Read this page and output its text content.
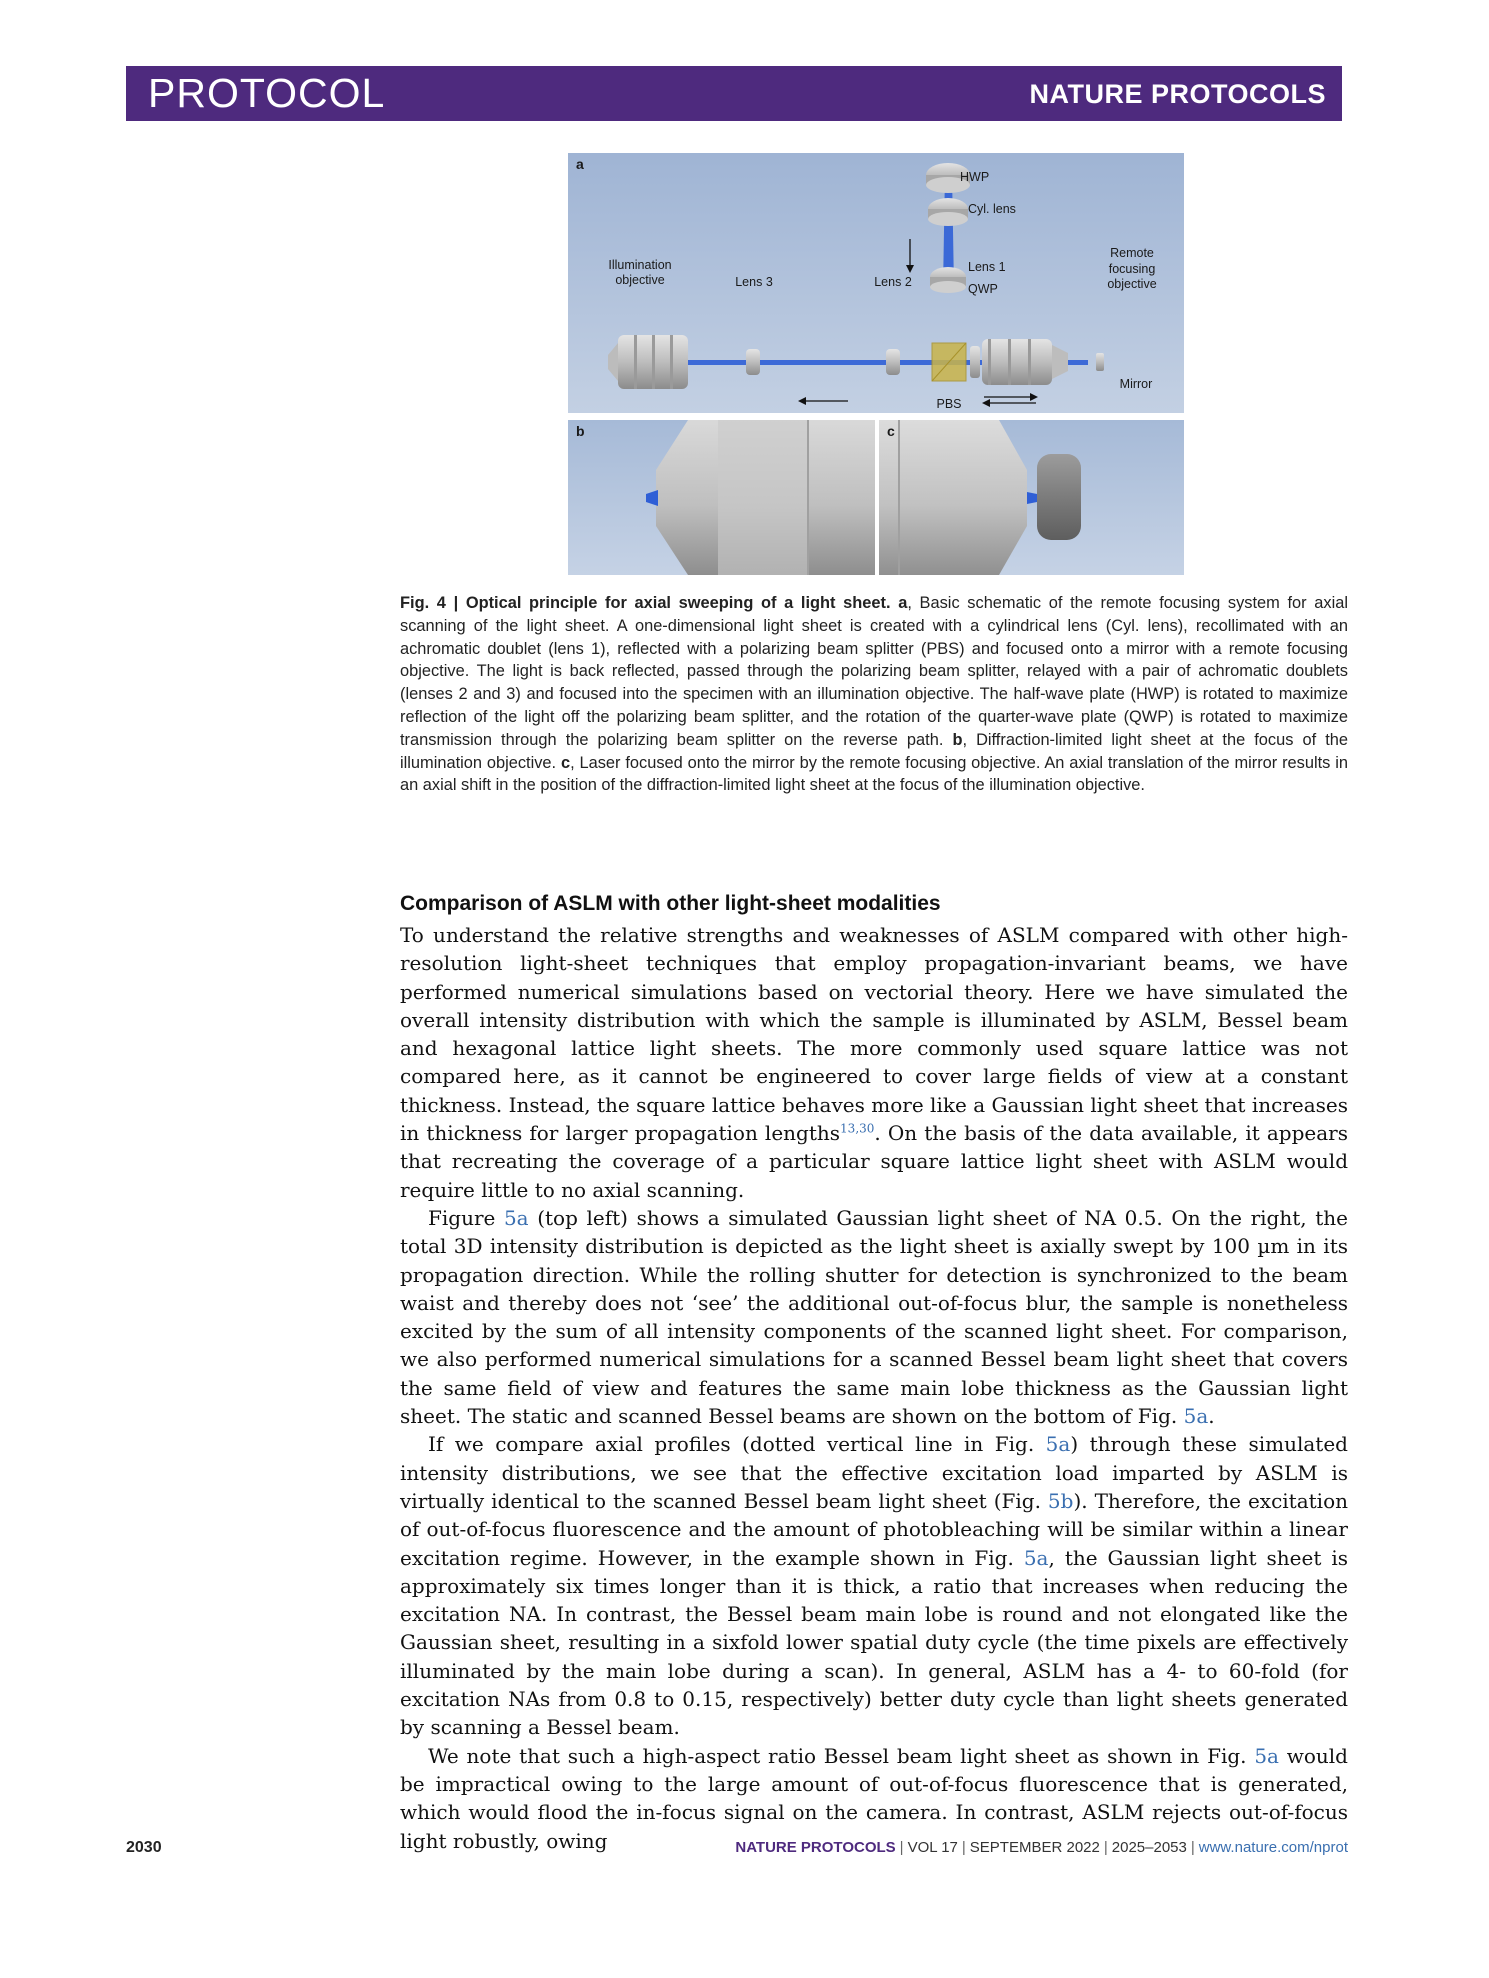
PROTOCOL	NATURE PROTOCOLS
a
HWP
Cyl. lens
Illumination
objective	Lens 3	Lens 2
Lens 1
QWP
Remote
focusing
objective
Mirror
PBS
b	c
Fig. 4 | Optical principle for axial sweeping of a light sheet. a, Basic schematic of the remote focusing system for axial scanning of the light sheet. A one-dimensional light sheet is created with a cylindrical lens (Cyl. lens), recollimated with an achromatic doublet (lens 1), reflected with a polarizing beam splitter (PBS) and focused onto a mirror with a remote focusing objective. The light is back reflected, passed through the polarizing beam splitter, relayed with a pair of achromatic doublets (lenses 2 and 3) and focused into the specimen with an illumination objective. The half-wave plate (HWP) is rotated to maximize reflection of the light off the polarizing beam splitter, and the rotation of the quarter-wave plate (QWP) is rotated to maximize transmission through the polarizing beam splitter on the reverse path. b, Diffraction-limited light sheet at the focus of the illumination objective. c, Laser focused onto the mirror by the remote focusing objective. An axial translation of the mirror results in an axial shift in the position of the diffraction-limited light sheet at the focus of the illumination objective.
Comparison of ASLM with other light-sheet modalities

To understand the relative strengths and weaknesses of ASLM compared with other high-resolution light-sheet techniques that employ propagation-invariant beams, we have performed numerical simulations based on vectorial theory. Here we have simulated the overall intensity distribution with which the sample is illuminated by ASLM, Bessel beam and hexagonal lattice light sheets. The more commonly used square lattice was not compared here, as it cannot be engineered to cover large fields of view at a constant thickness. Instead, the square lattice behaves more like a Gaussian light sheet that increases in thickness for larger propagation lengths$^{13,30}$. On the basis of the data available, it appears that recreating the coverage of a particular square lattice light sheet with ASLM would require little to no axial scanning.

Figure 5a (top left) shows a simulated Gaussian light sheet of NA 0.5. On the right, the total 3D intensity distribution is depicted as the light sheet is axially swept by 100 µm in its propagation direction. While the rolling shutter for detection is synchronized to the beam waist and thereby does not ‘see’ the additional out-of-focus blur, the sample is nonetheless excited by the sum of all intensity components of the scanned light sheet. For comparison, we also performed numerical simulations for a scanned Bessel beam light sheet that covers the same field of view and features the same main lobe thickness as the Gaussian light sheet. The static and scanned Bessel beams are shown on the bottom of Fig. 5a.

If we compare axial profiles (dotted vertical line in Fig. 5a) through these simulated intensity distributions, we see that the effective excitation load imparted by ASLM is virtually identical to the scanned Bessel beam light sheet (Fig. 5b). Therefore, the excitation of out-of-focus fluorescence and the amount of photobleaching will be similar within a linear excitation regime. However, in the example shown in Fig. 5a, the Gaussian light sheet is approximately six times longer than it is thick, a ratio that increases when reducing the excitation NA. In contrast, the Bessel beam main lobe is round and not elongated like the Gaussian sheet, resulting in a sixfold lower spatial duty cycle (the time pixels are effectively illuminated by the main lobe during a scan). In general, ASLM has a 4- to 60-fold (for excitation NAs from 0.8 to 0.15, respectively) better duty cycle than light sheets generated by scanning a Bessel beam.

We note that such a high-aspect ratio Bessel beam light sheet as shown in Fig. 5a would be impractical owing to the large amount of out-of-focus fluorescence that is generated, which would flood the in-focus signal on the camera. In contrast, ASLM rejects out-of-focus light robustly, owing

2030	NATURE PROTOCOLS | VOL 17 | SEPTEMBER 2022 | 2025–2053 | www.nature.com/nprot
